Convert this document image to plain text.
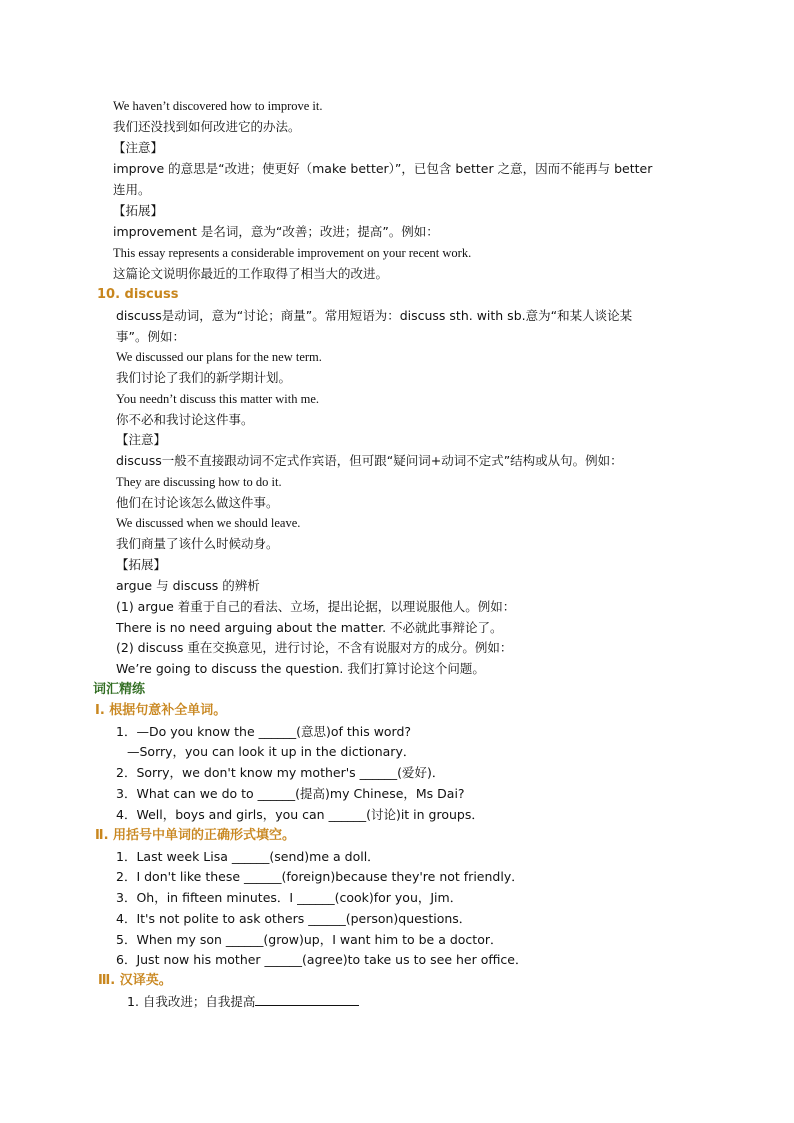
We haven’t discovered how to improve it.
我们还没找到如何改进它的办法。
【注意】
improve 的意思是“改进；使更好（make better）”，已包含 better 之意，因而不能再与 better
连用。
【拓展】
improvement 是名词，意为“改善；改进；提高”。例如：
This essay represents a considerable improvement on your recent work.
这篇论文说明你最近的工作取得了相当大的改进。
10. discuss
discuss是动词，意为“讨论；商量”。常用短语为：discuss sth. with sb.意为“和某人谈论某
事”。例如：
We discussed our plans for the new term.
我们讨论了我们的新学期计划。
You needn’t discuss this matter with me.
你不必和我讨论这件事。
【注意】
discuss一般不直接跟动词不定式作宾语，但可跟“疑问词+动词不定式”结构或从句。例如：
They are discussing how to do it.
他们在讨论该怎么做这件事。
We discussed when we should leave.
我们商量了该什么时候动身。
【拓展】
argue 与 discuss 的辨析
(1) argue 着重于自己的看法、立场，提出论据，以理说服他人。例如：
There is no need arguing about the matter. 不必就此事辩论了。
(2) discuss 重在交换意见，进行讨论，不含有说服对方的成分。例如：
We’re going to discuss the question. 我们打算讨论这个问题。
词汇精练
Ⅰ. 根据句意补全单词。
1．—Do you know the ______(意思)of this word?
—Sorry，you can look it up in the dictionary．
2．Sorry，we don't know my mother's ______(爱好)．
3．What can we do to ______(提高)my Chinese，Ms Dai?
4．Well，boys and girls，you can ______(讨论)it in groups．
Ⅱ. 用括号中单词的正确形式填空。
1．Last week Lisa ______(send)me a doll．
2．I don't like these ______(foreign)because they're not friendly．
3．Oh，in fifteen minutes．I ______(cook)for you，Jim．
4．It's not polite to ask others ______(person)questions．
5．When my son ______(grow)up，I want him to be a doctor．
6．Just now his mother ______(agree)to take us to see her office．
Ⅲ. 汉译英。
1. 自我改进；自我提高
